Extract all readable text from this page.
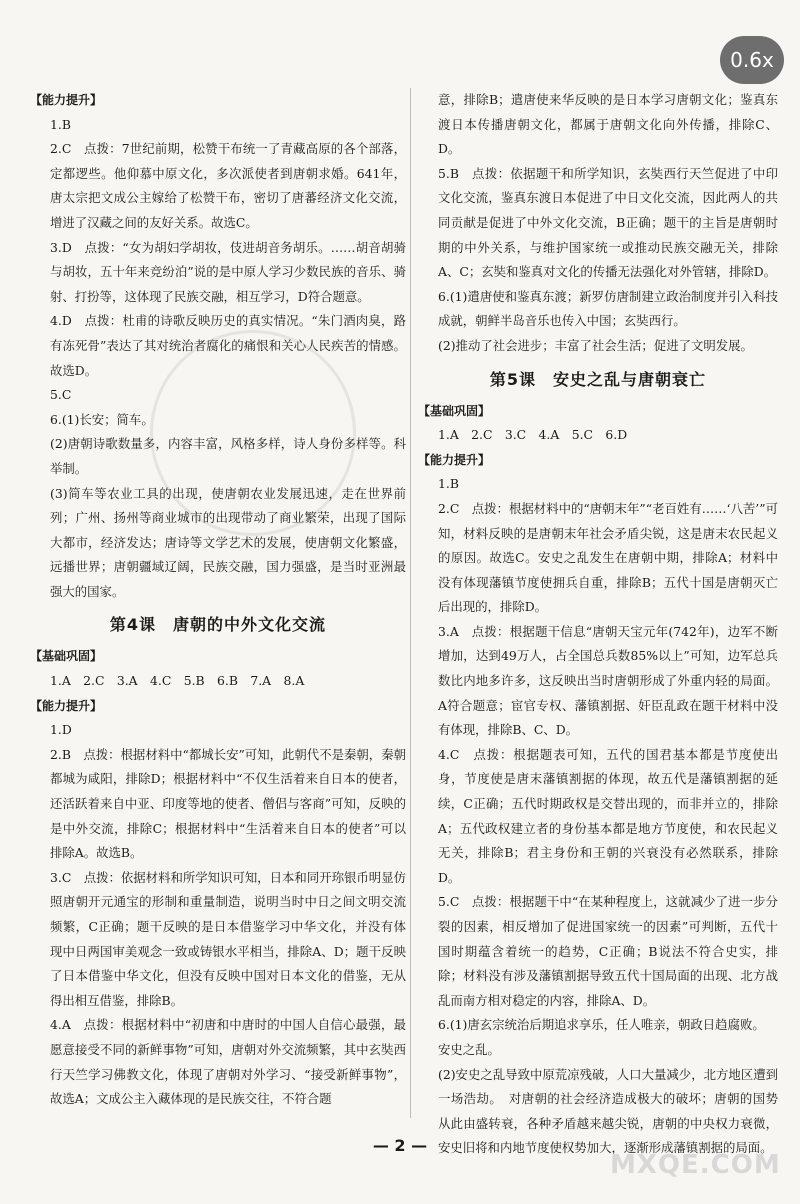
0.6x
【能力提升】
1.B
2.C　点拨：7世纪前期，松赞干布统一了青藏高原的各个部落，定都逻些。他仰慕中原文化，多次派使者到唐朝求婚。641年，唐太宗把文成公主嫁给了松赞干布，密切了唐蕃经济文化交流，增进了汉藏之间的友好关系。故选C。
3.D　点拨：“女为胡妇学胡妆，伎进胡音务胡乐。……胡音胡骑与胡妆，五十年来竞纷泊”说的是中原人学习少数民族的音乐、骑射、打扮等，这体现了民族交融，相互学习，D符合题意。
4.D　点拨：杜甫的诗歌反映历史的真实情况。“朱门酒肉臭，路有冻死骨”表达了其对统治者腐化的痛恨和关心人民疾苦的情感。故选D。
5.C
6.(1)长安；简车。
(2)唐朝诗歌数量多，内容丰富，风格多样，诗人身份多样等。科举制。
(3)简车等农业工具的出现，使唐朝农业发展迅速，走在世界前列；广州、扬州等商业城市的出现带动了商业繁荣，出现了国际大都市，经济发达；唐诗等文学艺术的发展，使唐朝文化繁盛，远播世界；唐朝疆域辽阔，民族交融，国力强盛，是当时亚洲最强大的国家。
第4课　唐朝的中外文化交流
【基础巩固】
1.A　2.C　3.A　4.C　5.B　6.B　7.A　8.A
【能力提升】
1.D
2.B　点拨：根据材料中“都城长安”可知，此朝代不是秦朝，秦朝都城为咸阳，排除D；根据材料中“不仅生活着来自日本的使者，还活跃着来自中亚、印度等地的使者、僧侣与客商”可知，反映的是中外交流，排除C；根据材料中“生活着来自日本的使者”可以排除A。故选B。
3.C　点拨：依据材料和所学知识可知，日本和同开珎银币明显仿照唐朝开元通宝的形制和重量制造，说明当时中日之间文明交流频繁，C正确；题干反映的是日本借鉴学习中华文化，并没有体现中日两国审美观念一致或铸银水平相当，排除A、D；题干反映了日本借鉴中华文化，但没有反映中国对日本文化的借鉴，无从得出相互借鉴，排除B。
4.A　点拨：根据材料中“初唐和中唐时的中国人自信心最强，最愿意接受不同的新鲜事物”可知，唐朝对外交流频繁，其中玄奘西行天竺学习佛教文化，体现了唐朝对外学习、“接受新鲜事物”，故选A；文成公主入藏体现的是民族交往，不符合题
意，排除B；遣唐使来华反映的是日本学习唐朝文化；鉴真东渡日本传播唐朝文化，都属于唐朝文化向外传播，排除C、D。
5.B　点拨：依据题干和所学知识，玄奘西行天竺促进了中印文化交流，鉴真东渡日本促进了中日文化交流，因此两人的共同贡献是促进了中外文化交流，B正确；题干的主旨是唐朝时期的中外关系，与维护国家统一或推动民族交融无关，排除A、C；玄奘和鉴真对文化的传播无法强化对外管辖，排除D。
6.(1)遣唐使和鉴真东渡；新罗仿唐制建立政治制度并引入科技成就，朝鲜半岛音乐也传入中国；玄奘西行。
(2)推动了社会进步；丰富了社会生活；促进了文明发展。
第5课　安史之乱与唐朝衰亡
【基础巩固】
1.A　2.C　3.C　4.A　5.C　6.D
【能力提升】
1.B
2.C　点拨：根据材料中的“唐朝末年”“老百姓有……‘八苦’”可知，材料反映的是唐朝末年社会矛盾尖锐，这是唐末农民起义的原因。故选C。安史之乱发生在唐朝中期，排除A；材料中没有体现藩镇节度使拥兵自重，排除B；五代十国是唐朝灭亡后出现的，排除D。
3.A　点拨：根据题干信息“唐朝天宝元年(742年)，边军不断增加，达到49万人，占全国总兵数85%以上”可知，边军总兵数比内地多许多，这反映出当时唐朝形成了外重内轻的局面。A符合题意；宦官专权、藩镇割据、奸臣乱政在题干材料中没有体现，排除B、C、D。
4.C　点拨：根据题表可知，五代的国君基本都是节度使出身，节度使是唐末藩镇割据的体现，故五代是藩镇割据的延续，C正确；五代时期政权是交替出现的，而非并立的，排除A；五代政权建立者的身份基本都是地方节度使，和农民起义无关，排除B；君主身份和王朝的兴衰没有必然联系，排除D。
5.C　点拨：根据题干中“在某种程度上，这就减少了进一步分裂的因素，相反增加了促进国家统一的因素”可判断，五代十国时期蕴含着统一的趋势，C正确；B说法不符合史实，排除；材料没有涉及藩镇割据导致五代十国局面的出现、北方战乱而南方相对稳定的内容，排除A、D。
6.(1)唐玄宗统治后期追求享乐，任人唯亲，朝政日趋腐败。
安史之乱。
(2)安史之乱导致中原荒凉残破，人口大量减少，北方地区遭到一场浩劫。　对唐朝的社会经济造成极大的破坏；唐朝的国势从此由盛转衰，各种矛盾越来越尖锐，唐朝的中央权力衰微，安史旧将和内地节度使权势加大，逐渐形成藩镇割据的局面。
— 2 —
MXQE.COM
